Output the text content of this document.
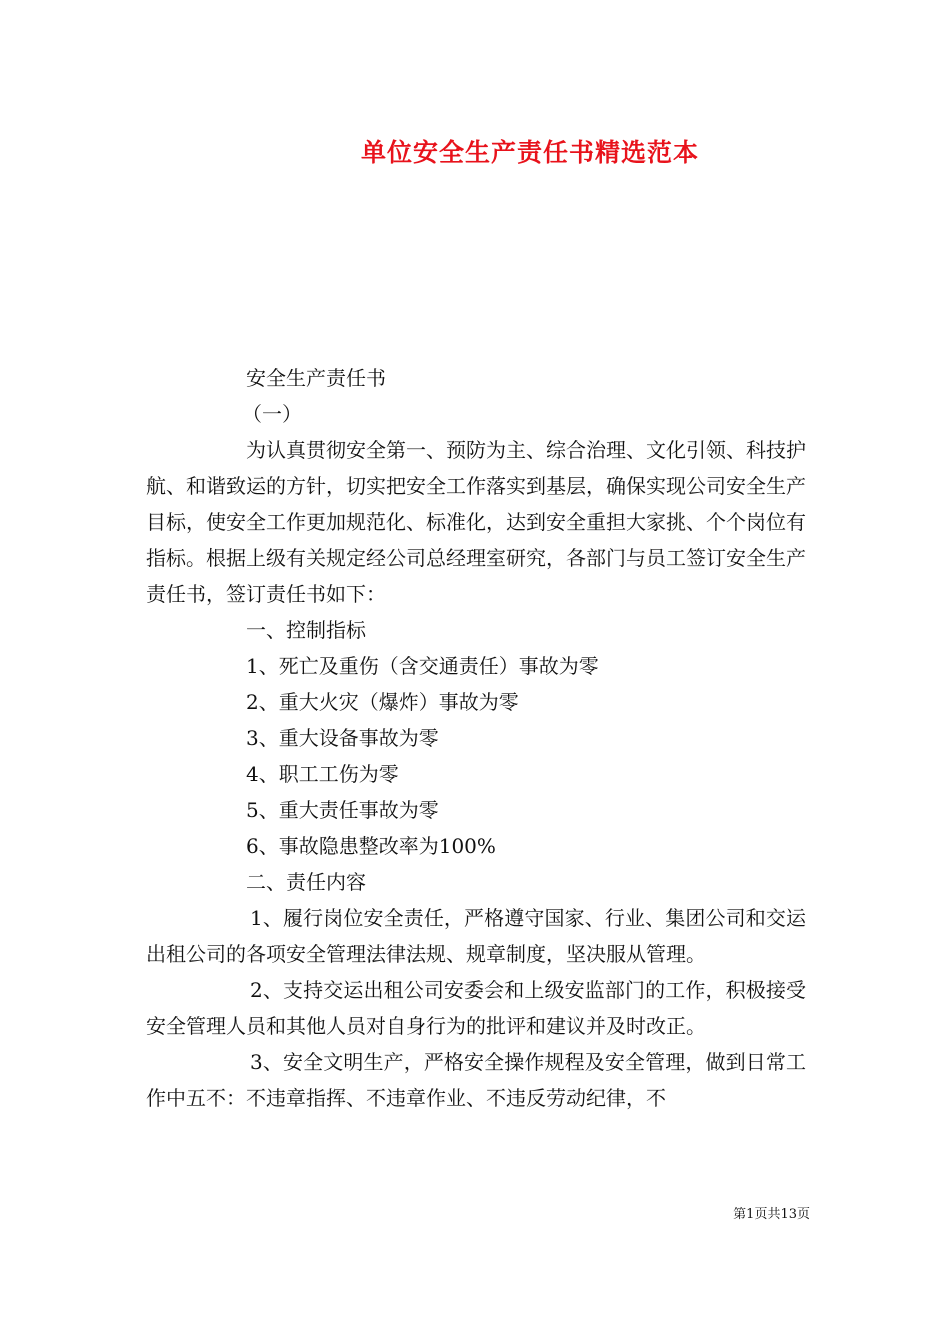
单位安全生产责任书精选范本

安全生产责任书

（一）

为认真贯彻安全第一、预防为主、综合治理、文化引领、科技护航、和谐致运的方针，切实把安全工作落实到基层，确保实现公司安全生产目标，使安全工作更加规范化、标准化，达到安全重担大家挑、个个岗位有指标。根据上级有关规定经公司总经理室研究，各部门与员工签订安全生产责任书，签订责任书如下：

一、控制指标

1、死亡及重伤（含交通责任）事故为零

2、重大火灾（爆炸）事故为零

3、重大设备事故为零

4、职工工伤为零

5、重大责任事故为零

6、事故隐患整改率为100%

二、责任内容

1、履行岗位安全责任，严格遵守国家、行业、集团公司和交运出租公司的各项安全管理法律法规、规章制度，坚决服从管理。

2、支持交运出租公司安委会和上级安监部门的工作，积极接受安全管理人员和其他人员对自身行为的批评和建议并及时改正。

3、安全文明生产，严格安全操作规程及安全管理，做到日常工作中五不：不违章指挥、不违章作业、不违反劳动纪律，不

第1页共13页
